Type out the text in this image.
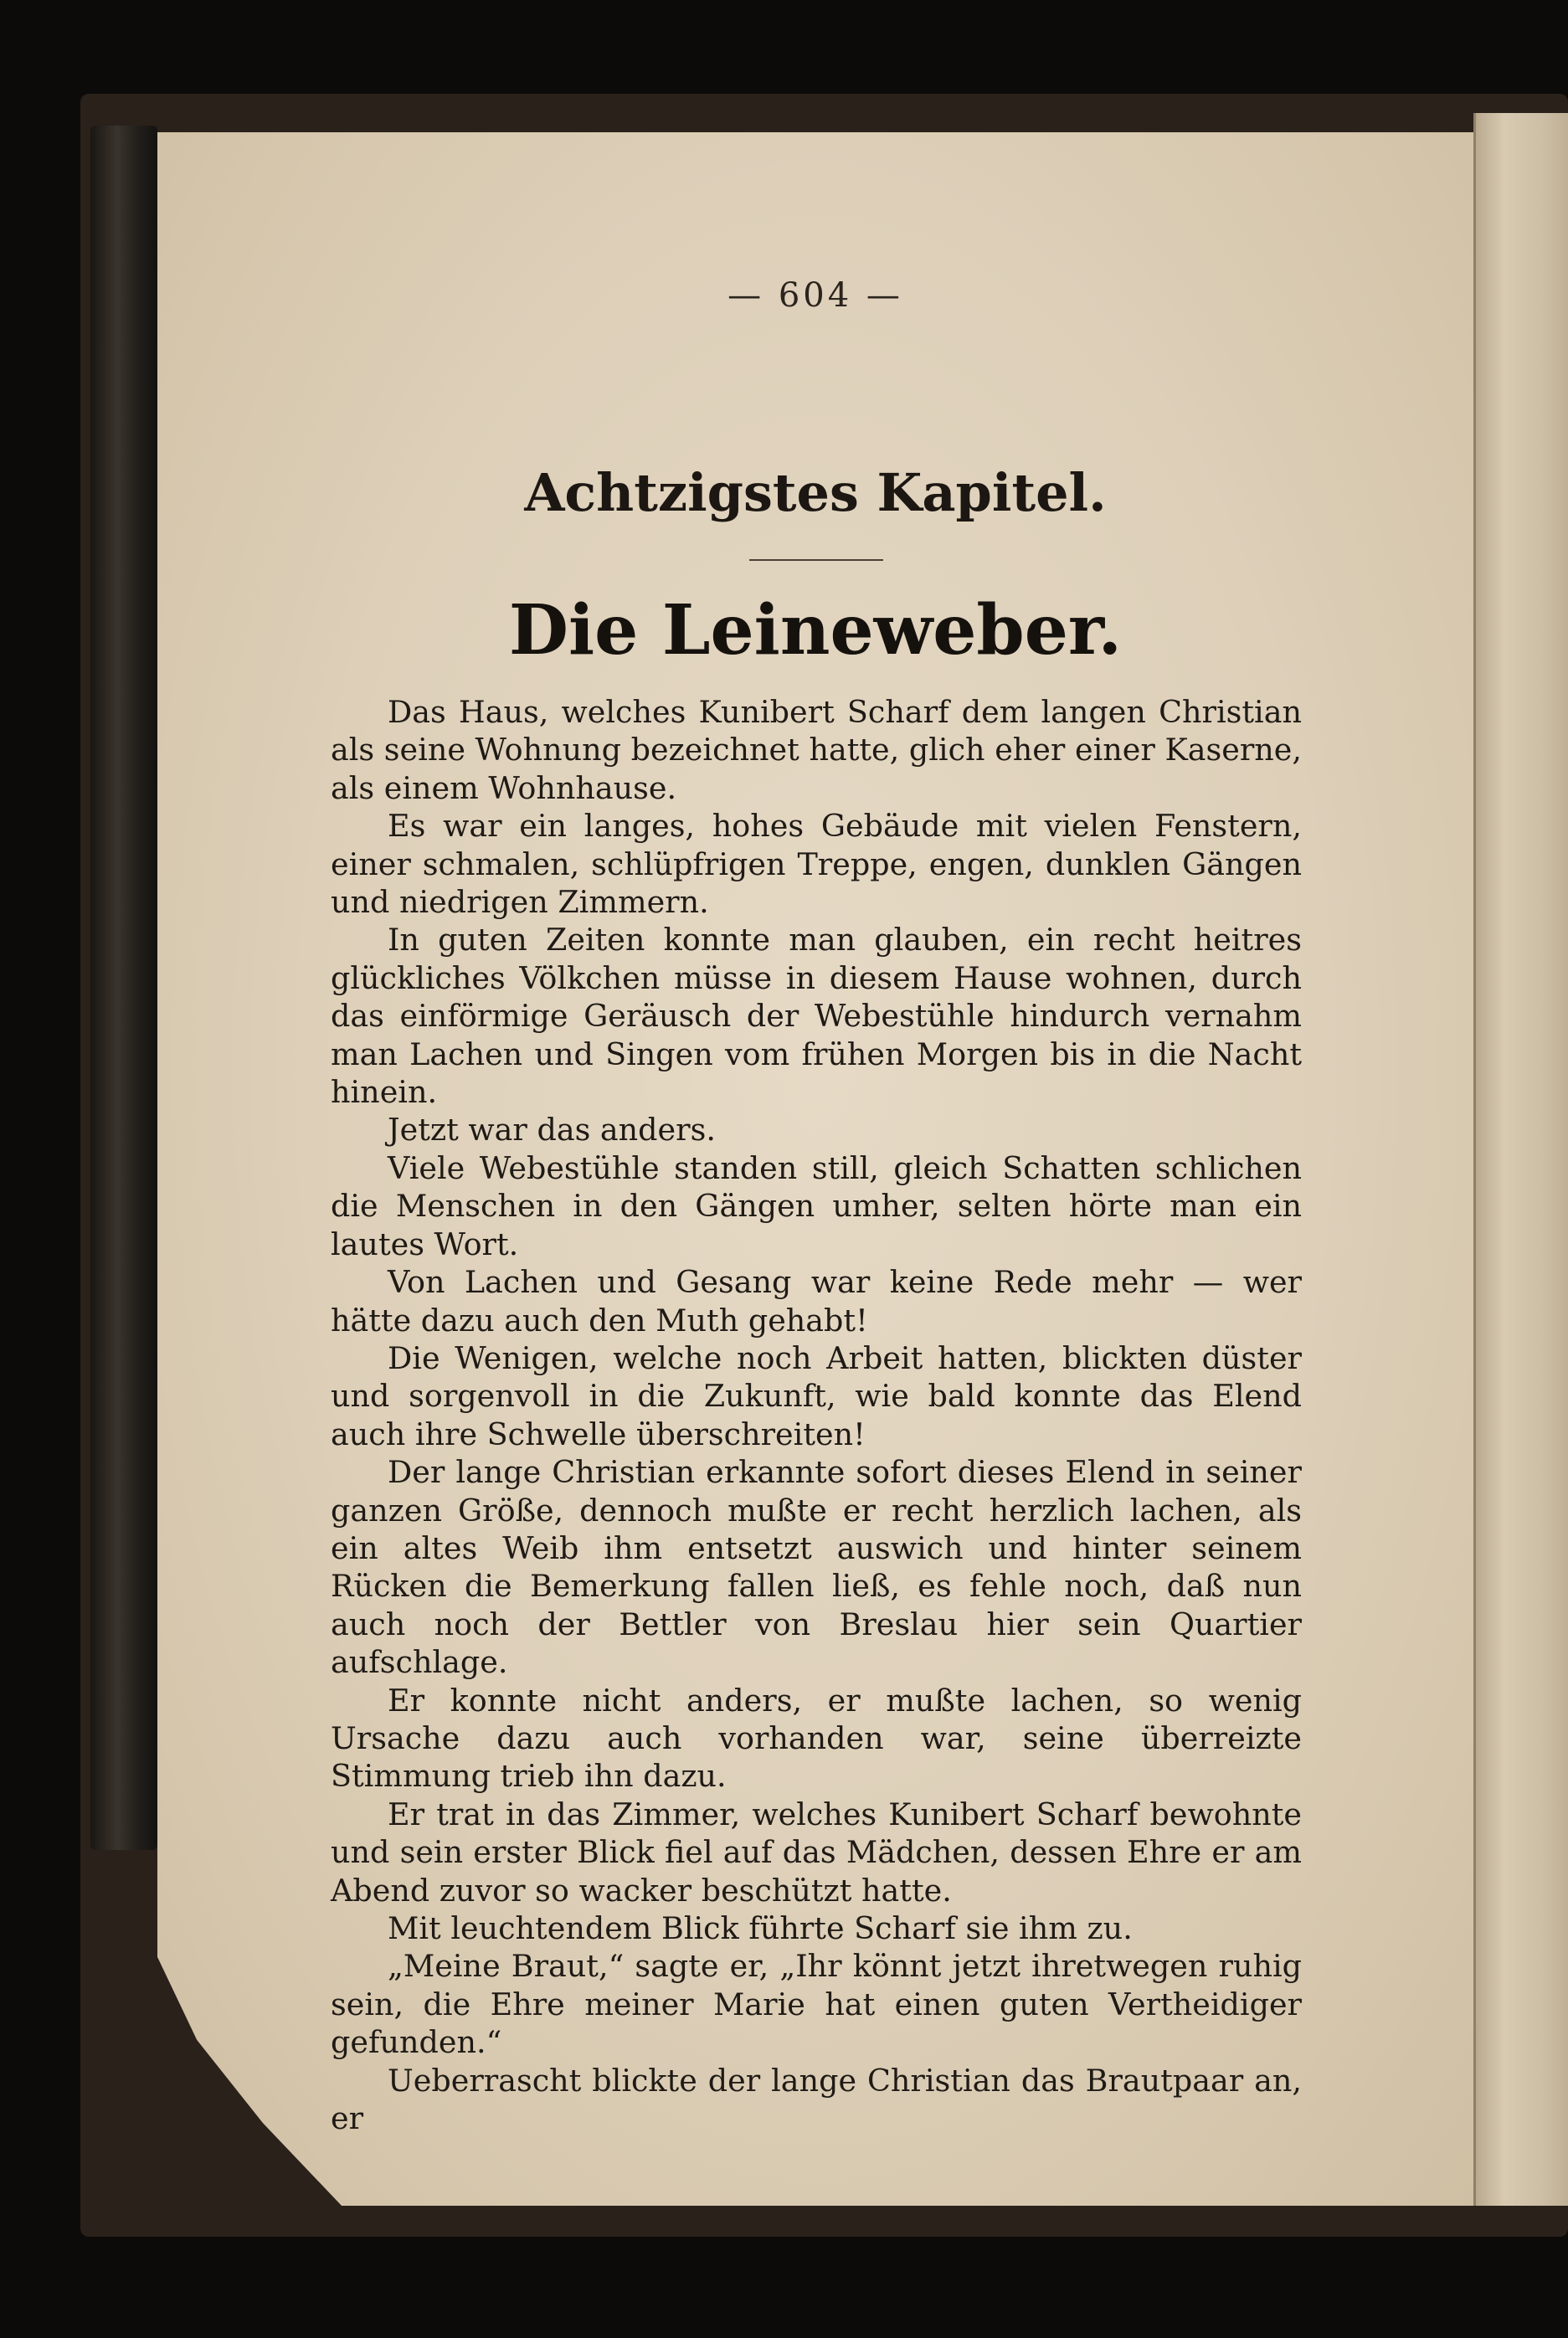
— 604 —
Achtzigstes Kapitel.
Die Leineweber.

Das Haus, welches Kunibert Scharf dem langen Christian als seine Wohnung bezeichnet hatte, glich eher einer Kaserne, als einem Wohnhause.

Es war ein langes, hohes Gebäude mit vielen Fenstern, einer schmalen, schlüpfrigen Treppe, engen, dunklen Gängen und niedrigen Zimmern.

In guten Zeiten konnte man glauben, ein recht heitres glückliches Völkchen müsse in diesem Hause wohnen, durch das einförmige Geräusch der Webestühle hindurch vernahm man Lachen und Singen vom frühen Morgen bis in die Nacht hinein.

Jetzt war das anders.

Viele Webestühle standen still, gleich Schatten schlichen die Menschen in den Gängen umher, selten hörte man ein lautes Wort.

Von Lachen und Gesang war keine Rede mehr — wer hätte dazu auch den Muth gehabt!

Die Wenigen, welche noch Arbeit hatten, blickten düster und sorgenvoll in die Zukunft, wie bald konnte das Elend auch ihre Schwelle überschreiten!

Der lange Christian erkannte sofort dieses Elend in seiner ganzen Größe, dennoch mußte er recht herzlich lachen, als ein altes Weib ihm entsetzt auswich und hinter seinem Rücken die Bemerkung fallen ließ, es fehle noch, daß nun auch noch der Bettler von Breslau hier sein Quartier aufschlage.

Er konnte nicht anders, er mußte lachen, so wenig Ursache dazu auch vorhanden war, seine überreizte Stimmung trieb ihn dazu.

Er trat in das Zimmer, welches Kunibert Scharf bewohnte und sein erster Blick fiel auf das Mädchen, dessen Ehre er am Abend zuvor so wacker beschützt hatte.

Mit leuchtendem Blick führte Scharf sie ihm zu.

„Meine Braut,“ sagte er, „Ihr könnt jetzt ihretwegen ruhig sein, die Ehre meiner Marie hat einen guten Vertheidiger gefunden.“

Ueberrascht blickte der lange Christian das Brautpaar an, er
